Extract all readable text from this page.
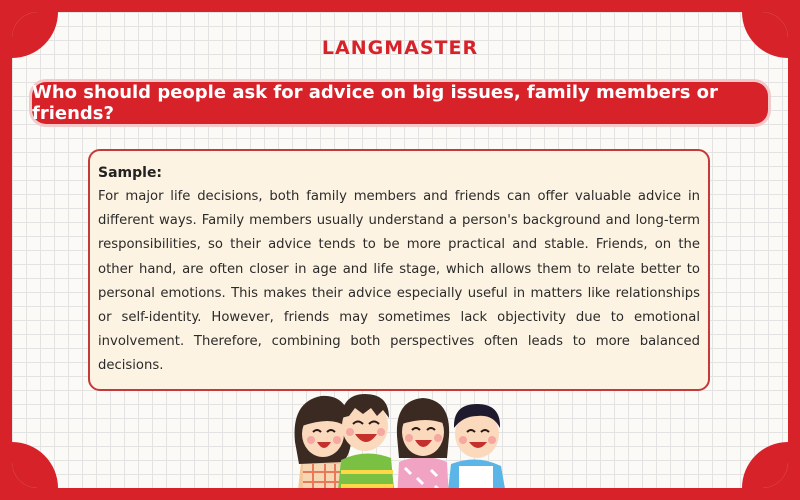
LANGMASTER
Who should people ask for advice on big issues, family members or friends?
Sample:
For major life decisions, both family members and friends can offer valuable advice in different ways. Family members usually understand a person's background and long-term responsibilities, so their advice tends to be more practical and stable. Friends, on the other hand, are often closer in age and life stage, which allows them to relate better to personal emotions. This makes their advice especially useful in matters like relationships or self-identity. However, friends may sometimes lack objectivity due to emotional involvement. Therefore, combining both perspectives often leads to more balanced decisions.
